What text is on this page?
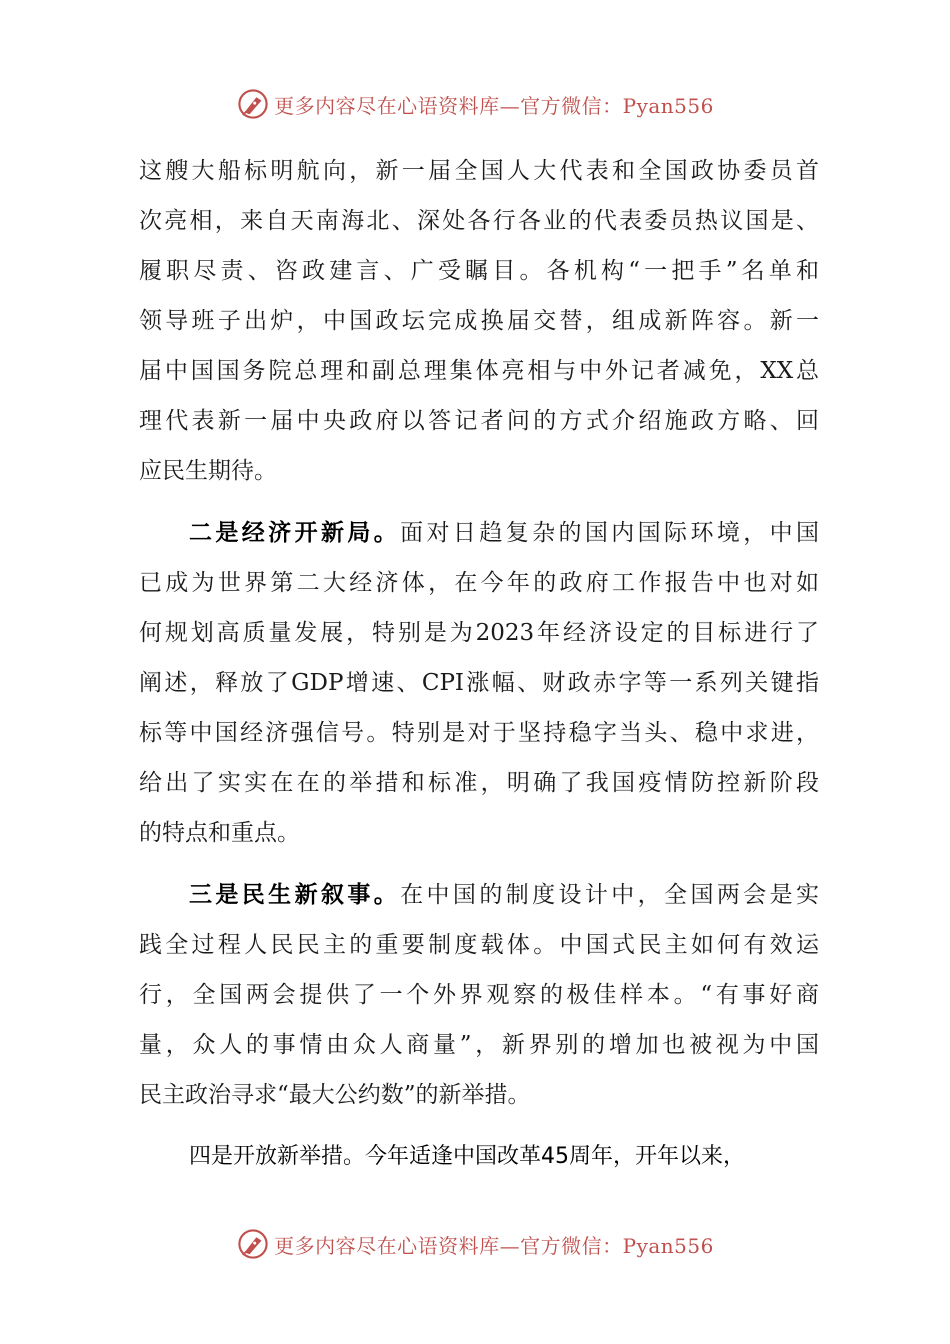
更多内容尽在心语资料库—官方微信：Pyan556
这艘大船标明航向，新一届全国人大代表和全国政协委员首
次亮相，来自天南海北、深处各行各业的代表委员热议国是、
履职尽责、咨政建言、广受瞩目。各机构“一把手”名单和
领导班子出炉，中国政坛完成换届交替，组成新阵容。新一
届中国国务院总理和副总理集体亮相与中外记者减免，XX总
理代表新一届中央政府以答记者问的方式介绍施政方略、回
应民生期待。
二是经济开新局。面对日趋复杂的国内国际环境，中国
已成为世界第二大经济体，在今年的政府工作报告中也对如
何规划高质量发展，特别是为2023年经济设定的目标进行了
阐述，释放了GDP增速、CPI涨幅、财政赤字等一系列关键指
标等中国经济强信号。特别是对于坚持稳字当头、稳中求进，
给出了实实在在的举措和标准，明确了我国疫情防控新阶段
的特点和重点。
三是民生新叙事。在中国的制度设计中，全国两会是实
践全过程人民民主的重要制度载体。中国式民主如何有效运
行，全国两会提供了一个外界观察的极佳样本。“有事好商
量，众人的事情由众人商量”，新界别的增加也被视为中国
民主政治寻求“最大公约数”的新举措。
四是开放新举措。今年适逢中国改革45周年，开年以来，
更多内容尽在心语资料库—官方微信：Pyan556
